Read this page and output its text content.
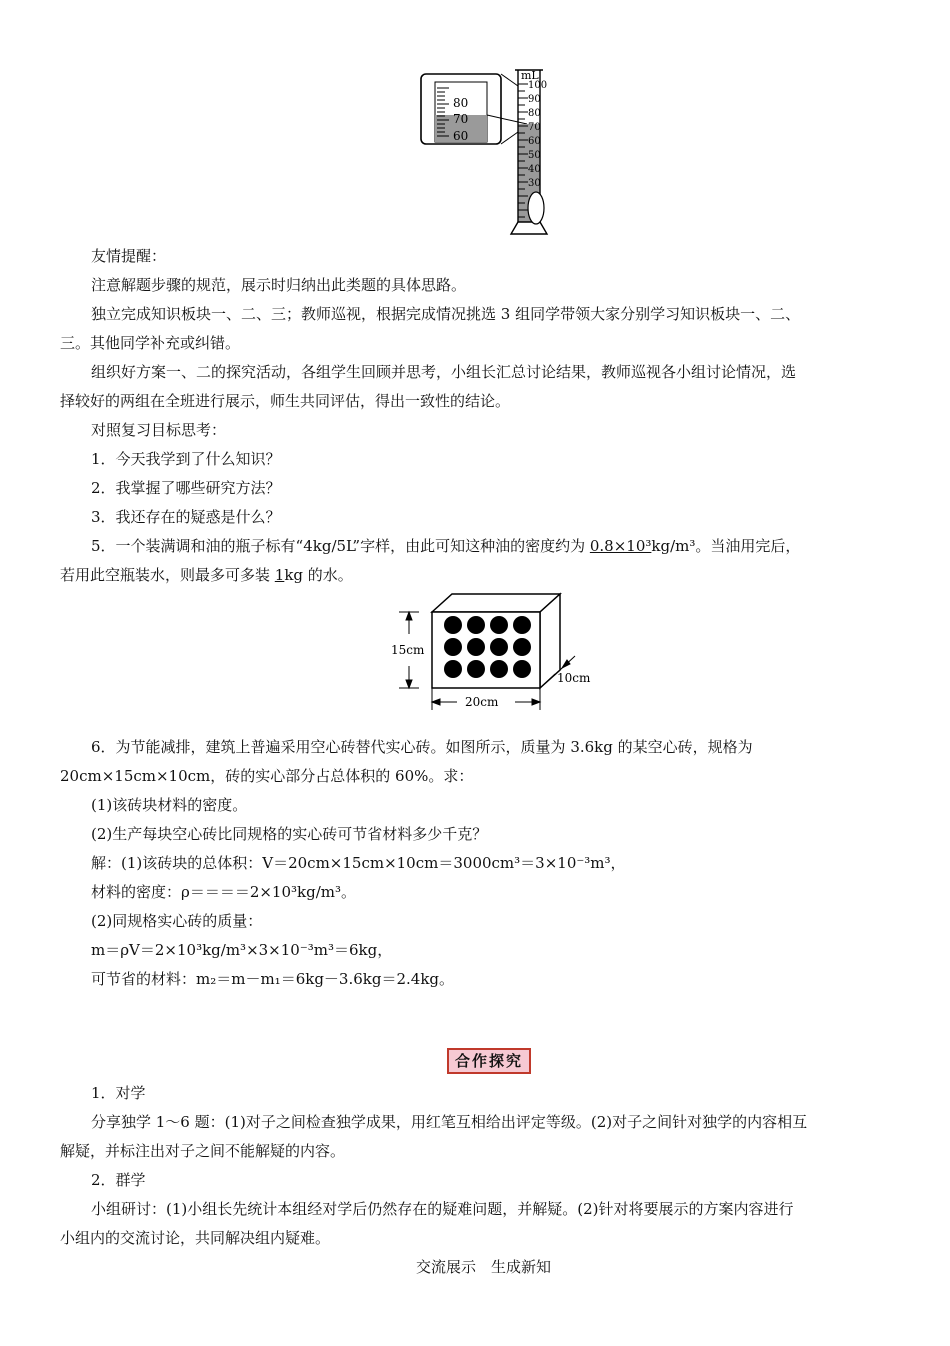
80
70
60
mL
100
90
80
70
60
50
40
30
友情提醒：
注意解题步骤的规范，展示时归纳出此类题的具体思路。
独立完成知识板块一、二、三；教师巡视，根据完成情况挑选 3 组同学带领大家分别学习知识板块一、二、
三。其他同学补充或纠错。
组织好方案一、二的探究活动，各组学生回顾并思考，小组长汇总讨论结果，教师巡视各小组讨论情况，选
择较好的两组在全班进行展示，师生共同评估，得出一致性的结论。
对照复习目标思考：
1．今天我学到了什么知识？
2．我掌握了哪些研究方法？
3．我还存在的疑惑是什么？
5．一个装满调和油的瓶子标有“4kg/5L”字样，由此可知这种油的密度约为 0.8×10³kg/m³。当油用完后，
若用此空瓶装水，则最多可多装 1kg 的水。
15cm
20cm
10cm
6．为节能减排，建筑上普遍采用空心砖替代实心砖。如图所示，质量为 3.6kg 的某空心砖，规格为
20cm×15cm×10cm，砖的实心部分占总体积的 60%。求：
(1)该砖块材料的密度。
(2)生产每块空心砖比同规格的实心砖可节省材料多少千克？
解：(1)该砖块的总体积：V＝20cm×15cm×10cm＝3000cm³＝3×10⁻³m³，
材料的密度：ρ＝＝＝＝2×10³kg/m³。
(2)同规格实心砖的质量：
m＝ρV＝2×10³kg/m³×3×10⁻³m³＝6kg，
可节省的材料：m₂＝m－m₁＝6kg－3.6kg＝2.4kg。
合作探究
1．对学
分享独学 1～6 题：(1)对子之间检查独学成果，用红笔互相给出评定等级。(2)对子之间针对独学的内容相互
解疑，并标注出对子之间不能解疑的内容。
2．群学
小组研讨：(1)小组长先统计本组经对学后仍然存在的疑难问题，并解疑。(2)针对将要展示的方案内容进行
小组内的交流讨论，共同解决组内疑难。
交流展示　生成新知
